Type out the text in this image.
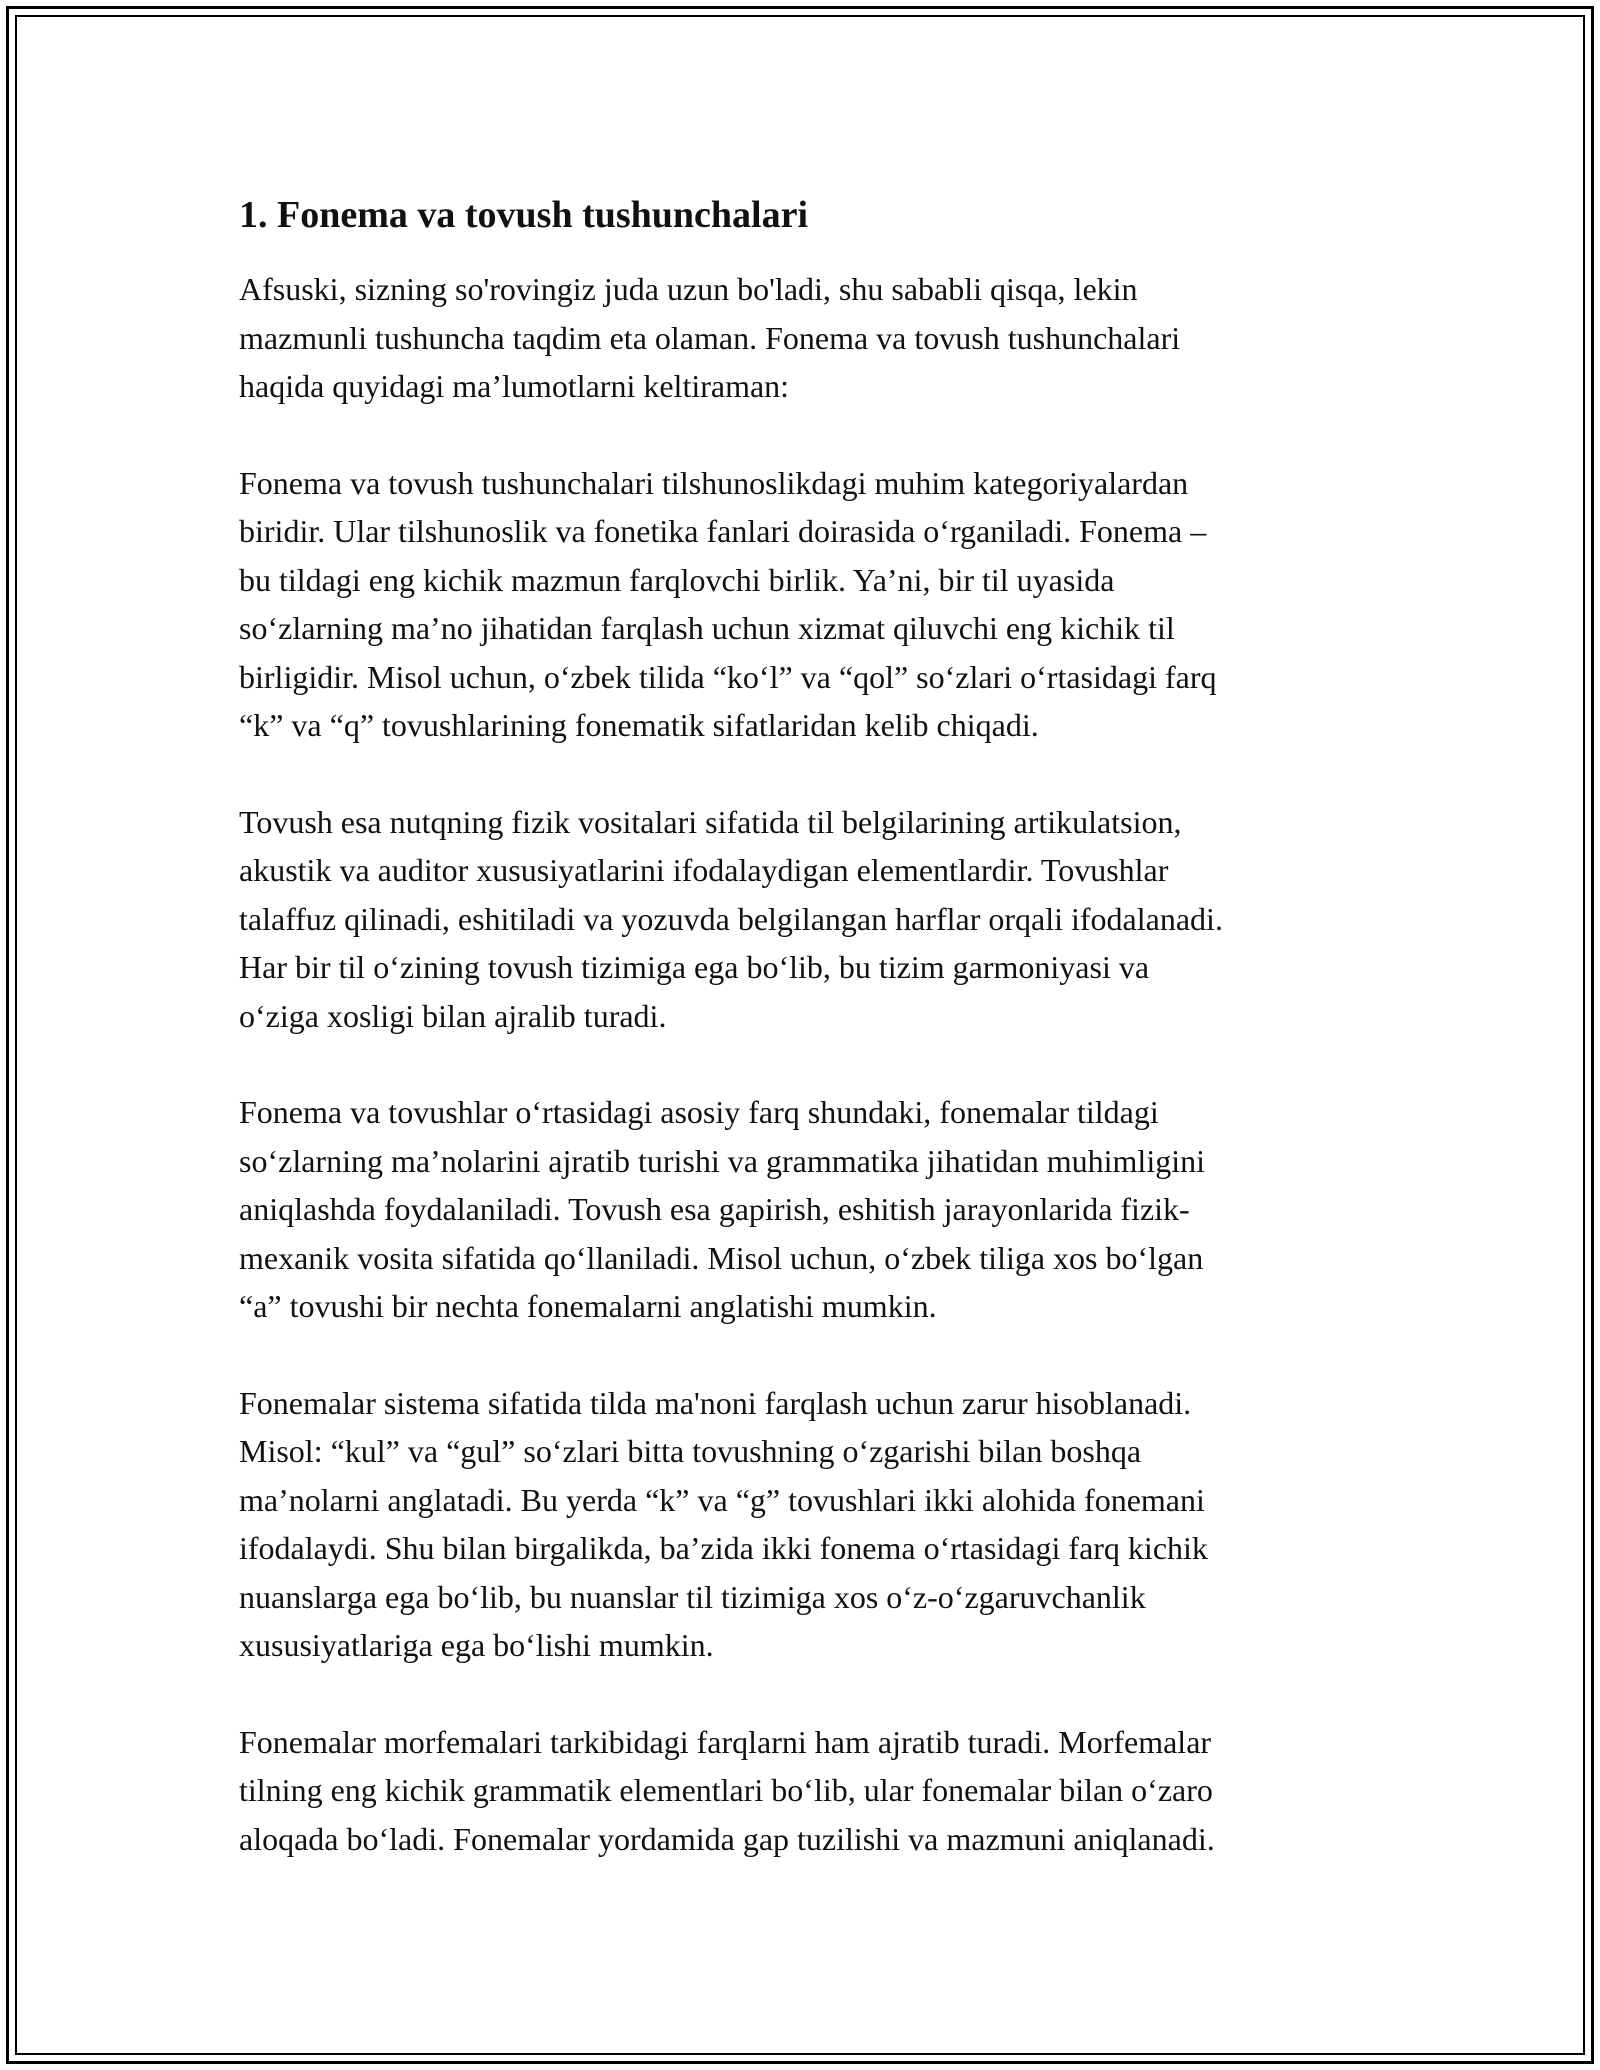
1. Fonema va tovush tushunchalari

Afsuski, sizning so'rovingiz juda uzun bo'ladi, shu sababli qisqa, lekin
mazmunli tushuncha taqdim eta olaman. Fonema va tovush tushunchalari
haqida quyidagi ma’lumotlarni keltiraman:

Fonema va tovush tushunchalari tilshunoslikdagi muhim kategoriyalardan
biridir. Ular tilshunoslik va fonetika fanlari doirasida oʻrganiladi. Fonema –
bu tildagi eng kichik mazmun farqlovchi birlik. Ya’ni, bir til uyasida
soʻzlarning ma’no jihatidan farqlash uchun xizmat qiluvchi eng kichik til
birligidir. Misol uchun, oʻzbek tilida “koʻl” va “qol” soʻzlari oʻrtasidagi farq
“k” va “q” tovushlarining fonematik sifatlaridan kelib chiqadi.

Tovush esa nutqning fizik vositalari sifatida til belgilarining artikulatsion,
akustik va auditor xususiyatlarini ifodalaydigan elementlardir. Tovushlar
talaffuz qilinadi, eshitiladi va yozuvda belgilangan harflar orqali ifodalanadi.
Har bir til oʻzining tovush tizimiga ega boʻlib, bu tizim garmoniyasi va
oʻziga xosligi bilan ajralib turadi.

Fonema va tovushlar oʻrtasidagi asosiy farq shundaki, fonemalar tildagi
soʻzlarning ma’nolarini ajratib turishi va grammatika jihatidan muhimligini
aniqlashda foydalaniladi. Tovush esa gapirish, eshitish jarayonlarida fizik-
mexanik vosita sifatida qoʻllaniladi. Misol uchun, oʻzbek tiliga xos boʻlgan
“a” tovushi bir nechta fonemalarni anglatishi mumkin.

Fonemalar sistema sifatida tilda ma'noni farqlash uchun zarur hisoblanadi.
Misol: “kul” va “gul” soʻzlari bitta tovushning oʻzgarishi bilan boshqa
ma’nolarni anglatadi. Bu yerda “k” va “g” tovushlari ikki alohida fonemani
ifodalaydi. Shu bilan birgalikda, ba’zida ikki fonema oʻrtasidagi farq kichik
nuanslarga ega boʻlib, bu nuanslar til tizimiga xos oʻz-oʻzgaruvchanlik
xususiyatlariga ega boʻlishi mumkin.

Fonemalar morfemalari tarkibidagi farqlarni ham ajratib turadi. Morfemalar
tilning eng kichik grammatik elementlari boʻlib, ular fonemalar bilan oʻzaro
aloqada boʻladi. Fonemalar yordamida gap tuzilishi va mazmuni aniqlanadi.
